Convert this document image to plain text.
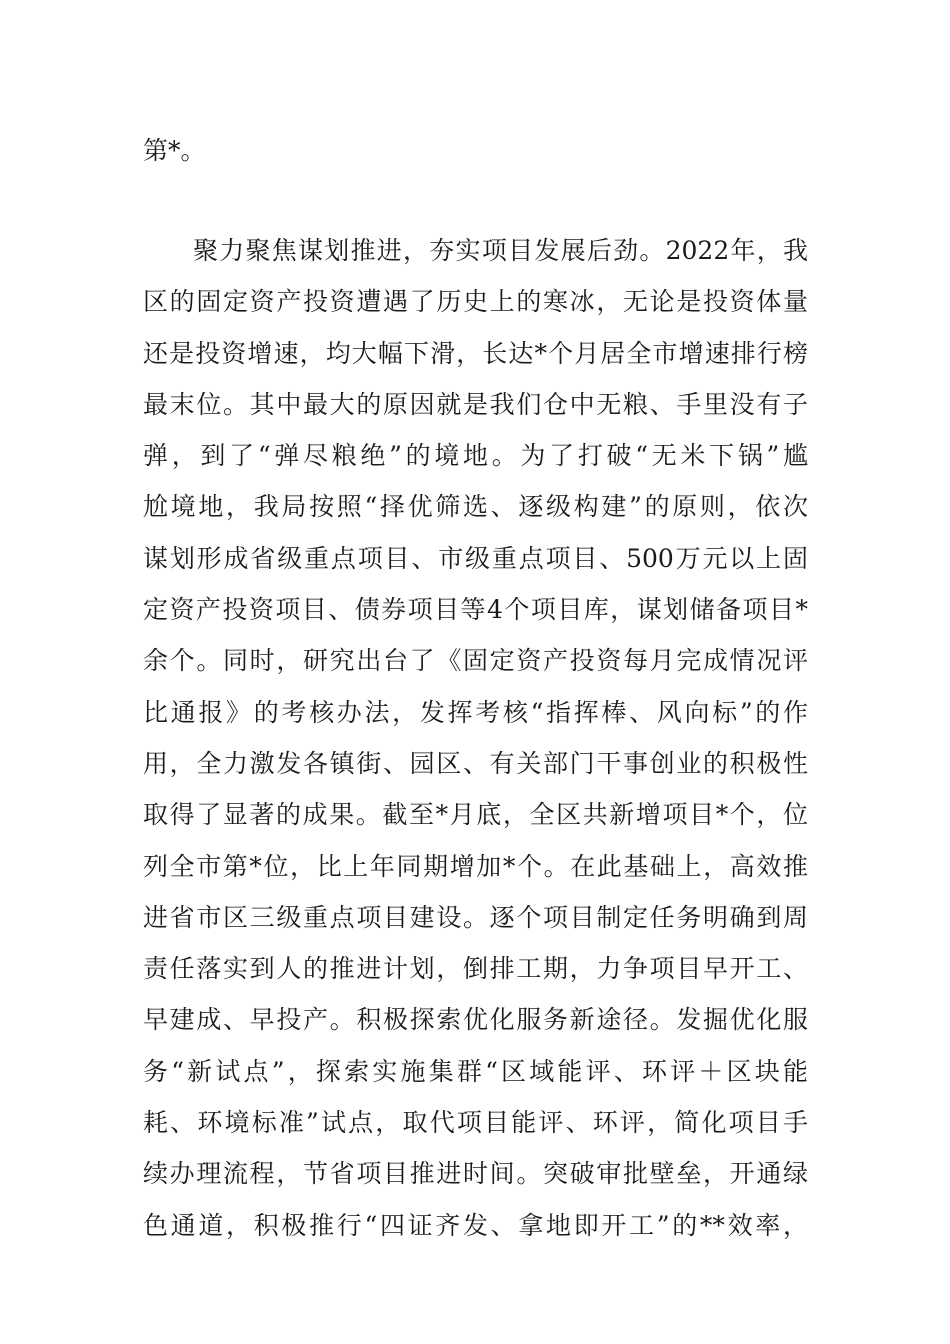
第*。
聚力聚焦谋划推进，夯实项目发展后劲。2022年，我
区的固定资产投资遭遇了历史上的寒冰，无论是投资体量
还是投资增速，均大幅下滑，长达*个月居全市增速排行榜
最末位。其中最大的原因就是我们仓中无粮、手里没有子
弹，到了“弹尽粮绝”的境地。为了打破“无米下锅”尴
尬境地，我局按照“择优筛选、逐级构建”的原则，依次
谋划形成省级重点项目、市级重点项目、500万元以上固
定资产投资项目、债券项目等4个项目库，谋划储备项目*
余个。同时，研究出台了《固定资产投资每月完成情况评
比通报》的考核办法，发挥考核“指挥棒、风向标”的作
用，全力激发各镇街、园区、有关部门干事创业的积极性
取得了显著的成果。截至*月底，全区共新增项目*个，位
列全市第*位，比上年同期增加*个。在此基础上，高效推
进省市区三级重点项目建设。逐个项目制定任务明确到周
责任落实到人的推进计划，倒排工期，力争项目早开工、
早建成、早投产。积极探索优化服务新途径。发掘优化服
务“新试点”，探索实施集群“区域能评、环评＋区块能
耗、环境标准”试点，取代项目能评、环评，简化项目手
续办理流程，节省项目推进时间。突破审批壁垒，开通绿
色通道，积极推行“四证齐发、拿地即开工”的**效率，
